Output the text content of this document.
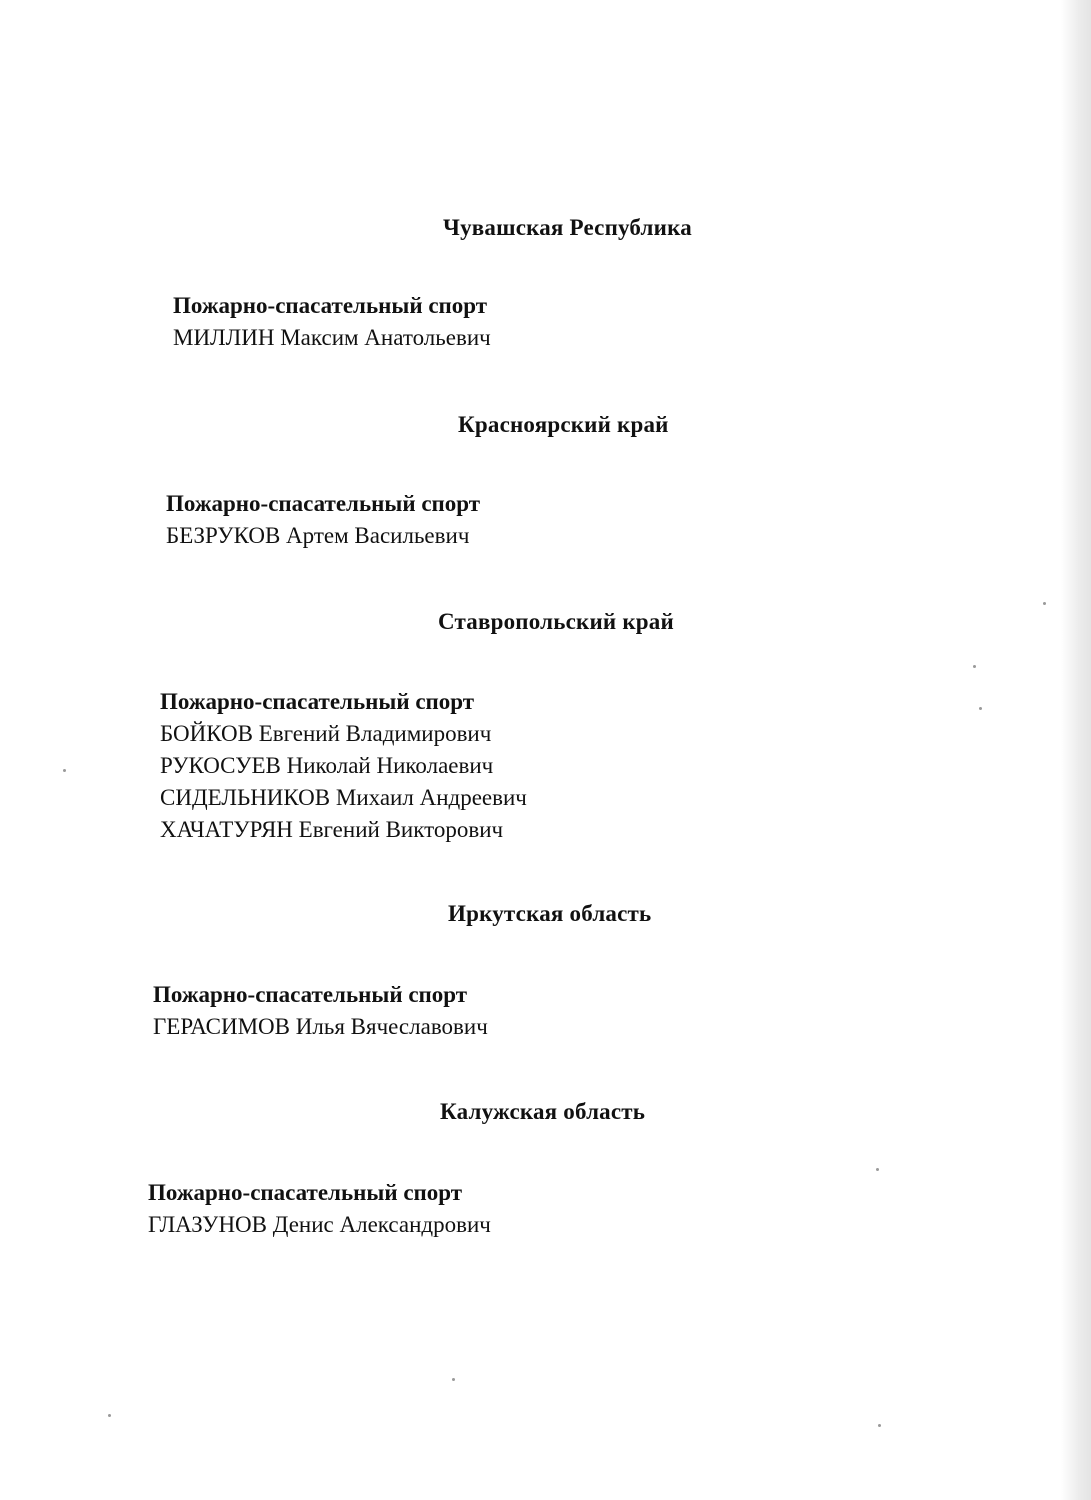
Чувашская Республика
Пожарно-спасательный спорт
МИЛЛИН Максим Анатольевич
Красноярский край
Пожарно-спасательный спорт
БЕЗРУКОВ Артем Васильевич
Ставропольский край
Пожарно-спасательный спорт
БОЙКОВ Евгений Владимирович
РУКОСУЕВ Николай Николаевич
СИДЕЛЬНИКОВ Михаил Андреевич
ХАЧАТУРЯН Евгений Викторович
Иркутская область
Пожарно-спасательный спорт
ГЕРАСИМОВ Илья Вячеславович
Калужская область
Пожарно-спасательный спорт
ГЛАЗУНОВ Денис Александрович
